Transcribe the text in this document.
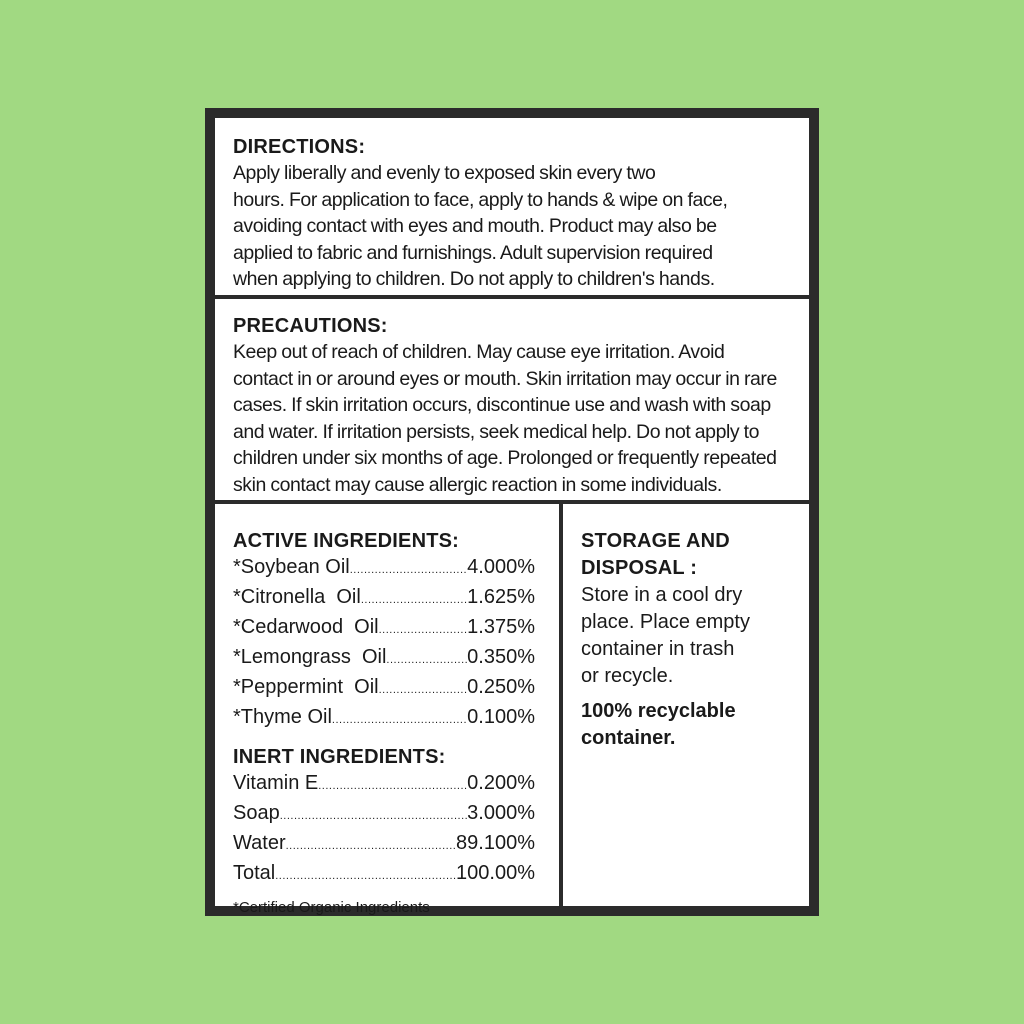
DIRECTIONS:
Apply liberally and evenly to exposed skin every two
hours. For application to face, apply to hands & wipe on face,
avoiding contact with eyes and mouth. Product may also be
applied to fabric and furnishings. Adult supervision required
when applying to children. Do not apply to children's hands.
PRECAUTIONS:
Keep out of reach of children. May cause eye irritation. Avoid
contact in or around eyes or mouth. Skin irritation may occur in rare
cases. If skin irritation occurs, discontinue use and wash with soap
and water. If irritation persists, seek medical help. Do not apply to
children under six months of age. Prolonged or frequently repeated
skin contact may cause allergic reaction in some individuals.
ACTIVE INGREDIENTS:
*Soybean Oil .....	4.000%
*Citronella  Oil .....	1.625%
*Cedarwood  Oil .....	1.375%
*Lemongrass  Oil .....	0.350%
*Peppermint  Oil .....	0.250%
*Thyme Oil .....	0.100%
INERT INGREDIENTS:
Vitamin E .....	0.200%
Soap .....	3.000%
Water .....	89.100%
Total .....	100.00%
*Certified Organic Ingredients
STORAGE AND
DISPOSAL :
Store in a cool dry
place. Place empty
container in trash
or recycle.
100% recyclable
container.
